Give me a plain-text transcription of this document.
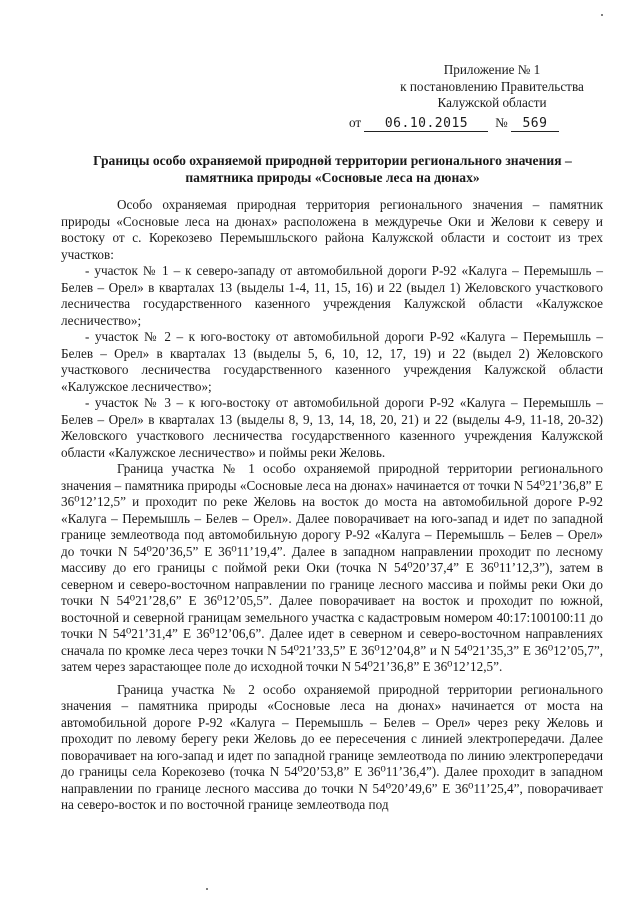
Приложение № 1
к постановлению Правительства
Калужской области
от 06.10.2015 № 569
Границы особо охраняемой природной территории регионального значения –
памятника природы «Сосновые леса на дюнах»

Особо охраняемая природная территория регионального значения – памятник природы «Сосновые леса на дюнах» расположена в междуречье Оки и Желови к северу и востоку от с. Корекозево Перемышльского района Калужской области и состоит из трех участков:

- участок № 1 – к северо-западу от автомобильной дороги Р-92 «Калуга – Перемышль – Белев – Орел» в кварталах 13 (выделы 1-4, 11, 15, 16) и 22 (выдел 1) Желовского участкового лесничества государственного казенного учреждения Калужской области «Калужское лесничество»;

- участок № 2 – к юго-востоку от автомобильной дороги Р-92 «Калуга – Перемышль – Белев – Орел» в кварталах 13 (выделы 5, 6, 10, 12, 17, 19) и 22 (выдел 2) Желовского участкового лесничества государственного казенного учреждения Калужской области «Калужское лесничество»;

- участок № 3 – к юго-востоку от автомобильной дороги Р-92 «Калуга – Перемышль – Белев – Орел» в кварталах 13 (выделы 8, 9, 13, 14, 18, 20, 21) и 22 (выделы 4-9, 11-18, 20-32) Желовского участкового лесничества государственного казенного учреждения Калужской области «Калужское лесничество» и поймы реки Желовь.

Граница участка № 1 особо охраняемой природной территории регионального значения – памятника природы «Сосновые леса на дюнах» начинается от точки N 54⁰21’36,8” E 36⁰12’12,5” и проходит по реке Желовь на восток до моста на автомобильной дороге Р-92 «Калуга – Перемышль – Белев – Орел». Далее поворачивает на юго-запад и идет по западной границе землеотвода под автомобильную дорогу Р-92 «Калуга – Перемышль – Белев – Орел» до точки N 54⁰20’36,5” E 36⁰11’19,4”. Далее в западном направлении проходит по лесному массиву до его границы с поймой реки Оки (точка N 54⁰20’37,4” E 36⁰11’12,3”), затем в северном и северо-восточном направлении по границе лесного массива и поймы реки Оки до точки N 54⁰21’28,6” E 36⁰12’05,5”. Далее поворачивает на восток и проходит по южной, восточной и северной границам земельного участка с кадастровым номером 40:17:100100:11 до точки N 54⁰21’31,4” E 36⁰12’06,6”. Далее идет в северном и северо-восточном направлениях сначала по кромке леса через точки N 54⁰21’33,5” E 36⁰12’04,8” и N 54⁰21’35,3” E 36⁰12’05,7”, затем через зарастающее поле до исходной точки N 54⁰21’36,8” E 36⁰12’12,5”.

Граница участка № 2 особо охраняемой природной территории регионального значения – памятника природы «Сосновые леса на дюнах» начинается от моста на автомобильной дороге Р-92 «Калуга – Перемышль – Белев – Орел» через реку Желовь и проходит по левому берегу реки Желовь до ее пересечения с линией электропередачи. Далее поворачивает на юго-запад и идет по западной границе землеотвода по линию электропередачи до границы села Корекозево (точка N 54⁰20’53,8” E 36⁰11’36,4”). Далее проходит в западном направлении по границе лесного массива до точки N 54⁰20’49,6” E 36⁰11’25,4”, поворачивает на северо-восток и по восточной границе землеотвода под
